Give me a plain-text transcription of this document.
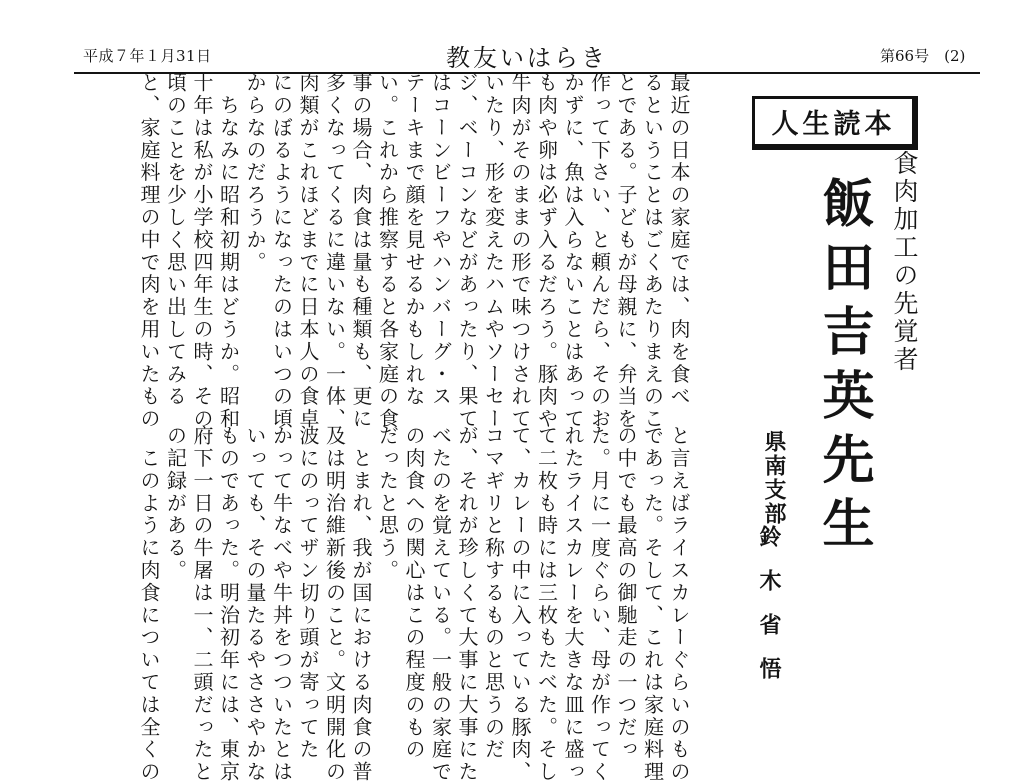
平成７年１月31日	教友いはらき	第66号　(2)
最近の日本の家庭では、肉を食べ
るということはごくあたりまえのこ
とである。子どもが母親に、弁当を
作って下さい、と頼んだら、そのお
かずに、魚は入らないことはあって
も肉や卵は必ず入るだろう。豚肉や
牛肉がそのままの形で味つけされて
いたり、形を変えたハムやソーセー
ジ、ベーコンなどがあったり、果て
はコーンビーフやハンバーグ・ス
テーキまで顔を見せるかもしれな
い。これから推察すると各家庭の食
事の場合、肉食は量も種類も、更に
多くなってくるに違いない。一体、
肉類がこれほどまでに日本人の食卓
にのぼるようになったのはいつの頃
からなのだろうか。
　ちなみに昭和初期はどうか。昭和
十年は私が小学校四年生の時、その
頃のことを少しく思い出してみる
と、家庭料理の中で肉を用いたもの
と言えばライスカレーぐらいのもの
であった。そして、これは家庭料理
の中でも最高の御馳走の一つだっ
た。月に一度ぐらい、母が作ってく
れたライスカレーを大きな皿に盛っ
て二枚も時には三枚もたべた。そし
て、カレーの中に入っている豚肉、
コマギリと称するものと思うのだ
が、それが珍しくて大事に大事にた
べたのを覚えている。一般の家庭で
の肉食への関心はこの程度のもの
だったと思う。
　とまれ、我が国における肉食の普
及は明治維新後のこと。文明開化の
波にのってザン切り頭が寄ってた
かって牛なべや牛丼をつついたとは
いっても、その量たるやささやかな
ものであった。明治初年には、東京
府下一日の牛屠は一、二頭だったと
の記録がある。
　このように肉食については全くの
人生読本
食肉加工の先覚者
飯田吉英先生
県南支部
鈴木省悟
